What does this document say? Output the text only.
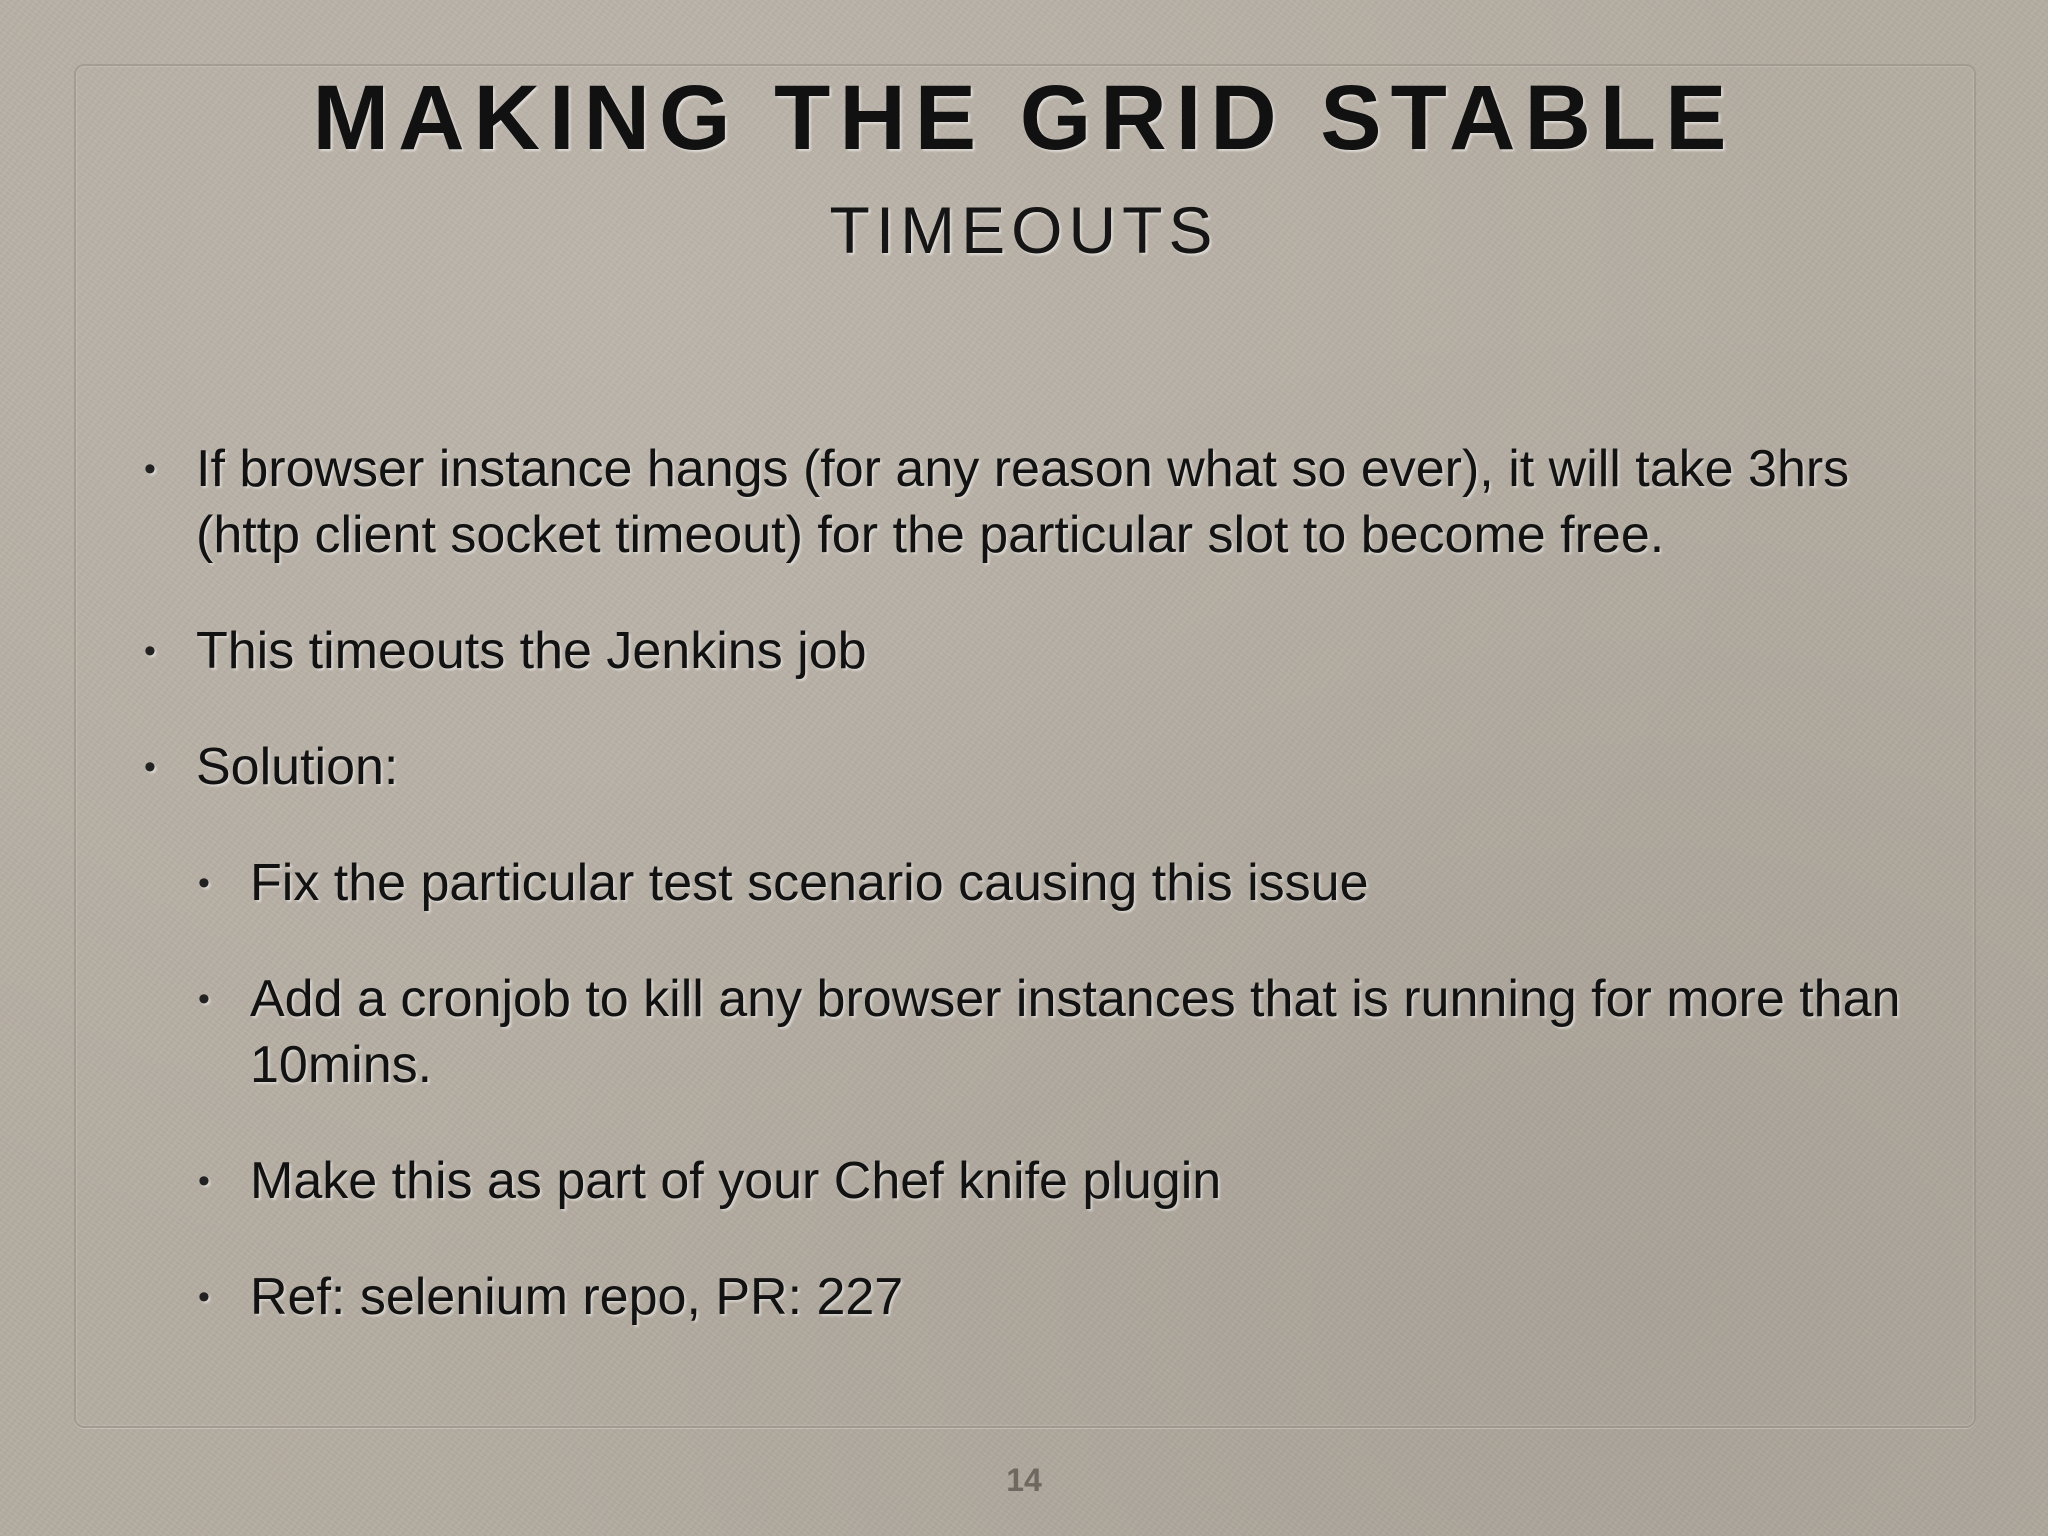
MAKING THE GRID STABLE
TIMEOUTS
• If browser instance hangs (for any reason what so ever), it will take 3hrs (http client socket timeout) for the particular slot to become free.
• This timeouts the Jenkins job
• Solution:
• Fix the particular test scenario causing this issue
• Add a cronjob to kill any browser instances that is running for more than 10mins.
• Make this as part of your Chef knife plugin
• Ref: selenium repo, PR: 227
14
